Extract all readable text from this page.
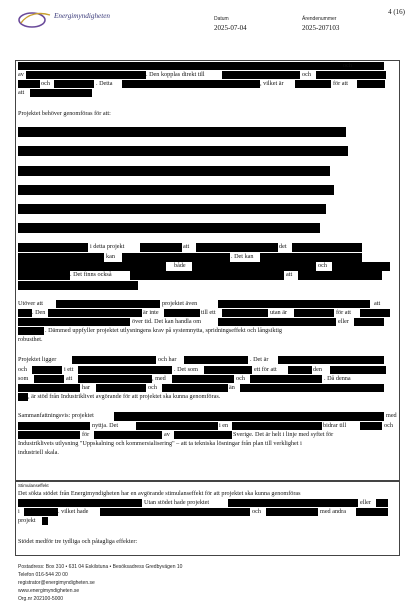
Energimyndigheten	Datum
2025-07-04
Ärendenummer
2025-207103
4 (16)
och
av	. Den kopplas direkt till	och
och	. Detta	, vilket är	för att
att
Projektet behöver genomföras för att:
i detta projekt	att	det
kan	. Det kan
både	och
. Det finns också	att
Utöver att	projektet även	att
. Den	är inte	till ett	utan är	för att
över tid. Det kan handla om	eller
. Dämmed uppfyller projektet utlysningens krav på systemnytta, spridningseffekt och långsiktig
robusthet.
Projektet ligger	och har	. Det är
och	i ett	. Det som	ett för att	den
som	att	, med	och	. Då denna
har	och	än
, är stöd från Industriklivet avgörande för att projektet ska kunna genomföras.
Sammanfattningsvis: projektet	med
nyttja. Det	i en	bidrar till	och
för	av	Sverige. Det är helt i linje med syftet för
Industriklivets utlysning "Uppskalning och kommersialisering" – att ta tekniska lösningar från plan till verklighet i
industriell skala.
Stimulanseffekt
Det sökta stödet från Energimyndigheten har en avgörande stimulanseffekt för att projektet ska kunna genomföras
Utan stödet hade projektet	eller
i	. vilket hade	och	med andra
projekt
Stödet medför tre tydliga och påtagliga effekter:
Postadress: Box 310 • 631 04 Eskilstuna • Besöksadress Gredbyvägen 10
Telefon 016-544 20 00
registrator@energimyndigheten.se
www.energimyndigheten.se
Org.nr 202100-5000
